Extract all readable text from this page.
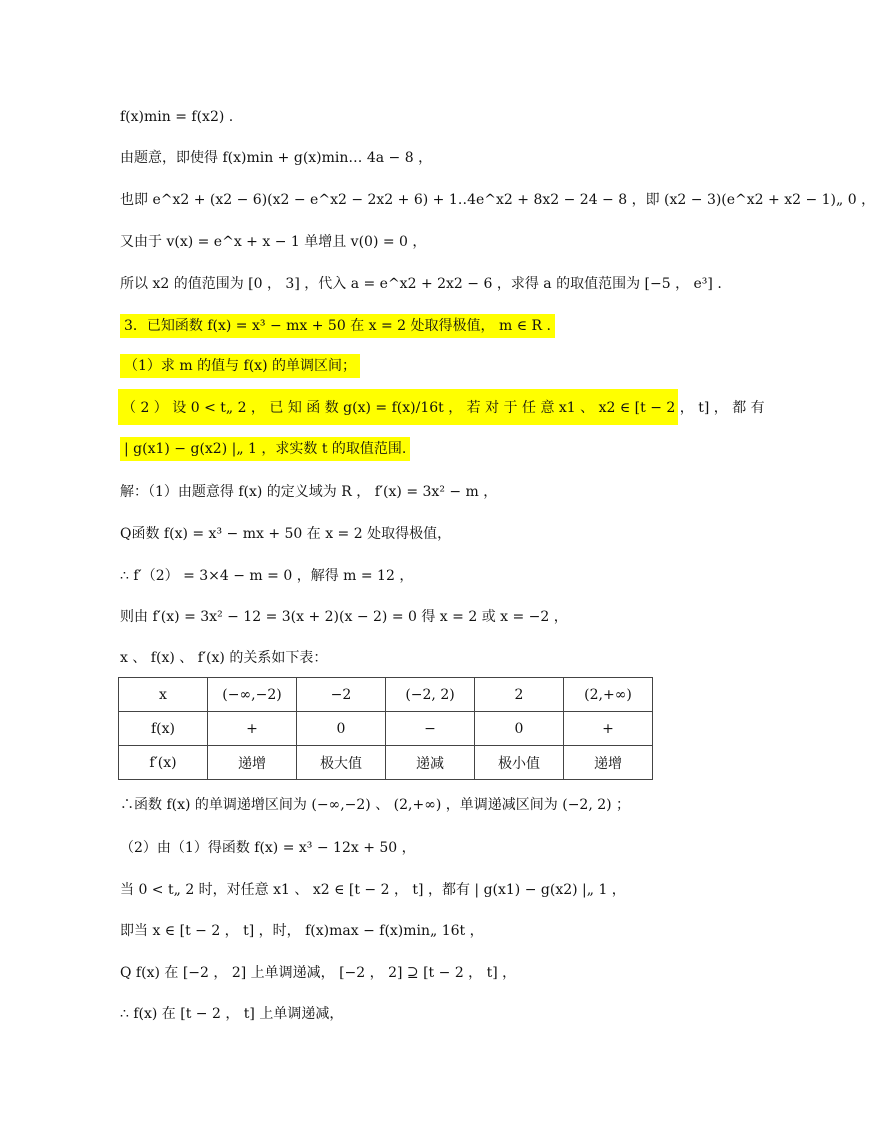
f(x)min = f(x2) .
由题意，即使得 f(x)min + g(x)min… 4a − 8 ，
也即 e^x2 + (x2 − 6)(x2 − e^x2 − 2x2 + 6) + 1‥4e^x2 + 8x2 − 24 − 8 ，即 (x2 − 3)(e^x2 + x2 − 1)„ 0 ，
又由于 v(x) = e^x + x − 1 单增且 v(0) = 0 ，
所以 x2 的值范围为 [0 ， 3] ，代入 a = e^x2 + 2x2 − 6 ，求得 a 的取值范围为 [−5 ， e³] .
3．已知函数 f(x) = x³ − mx + 50 在 x = 2 处取得极值， m ∈ R .
（1）求 m 的值与 f(x) 的单调区间；
（ 2 ） 设 0 < t„ 2 ， 已 知 函 数 g(x) = f(x)/16t ， 若 对 于 任 意 x1 、 x2 ∈ [t − 2 ， t] ， 都 有
| g(x1) − g(x2) |„ 1 ，求实数 t 的取值范围.
解：（1）由题意得 f(x) 的定义域为 R ， f′(x) = 3x² − m ，
Q函数 f(x) = x³ − mx + 50 在 x = 2 处取得极值，
∴ f′（2） = 3×4 − m = 0 ，解得 m = 12 ，
则由 f′(x) = 3x² − 12 = 3(x + 2)(x − 2) = 0 得 x = 2 或 x = −2 ，
x 、 f(x) 、 f′(x) 的关系如下表：
x	(−∞,−2)	−2	(−2, 2)	2	(2,+∞)
f(x)	+	0	−	0	+
f′(x)	递增	极大值	递减	极小值	递增
∴函数 f(x) 的单调递增区间为 (−∞,−2) 、 (2,+∞) ，单调递减区间为 (−2, 2) ；
（2）由（1）得函数 f(x) = x³ − 12x + 50 ，
当 0 < t„ 2 时，对任意 x1 、 x2 ∈ [t − 2 ， t] ，都有 | g(x1) − g(x2) |„ 1 ，
即当 x ∈ [t − 2 ， t] ，时， f(x)max − f(x)min„ 16t ，
Q f(x) 在 [−2 ， 2] 上单调递减， [−2 ， 2] ⊇ [t − 2 ， t] ，
∴ f(x) 在 [t − 2 ， t] 上单调递减，
